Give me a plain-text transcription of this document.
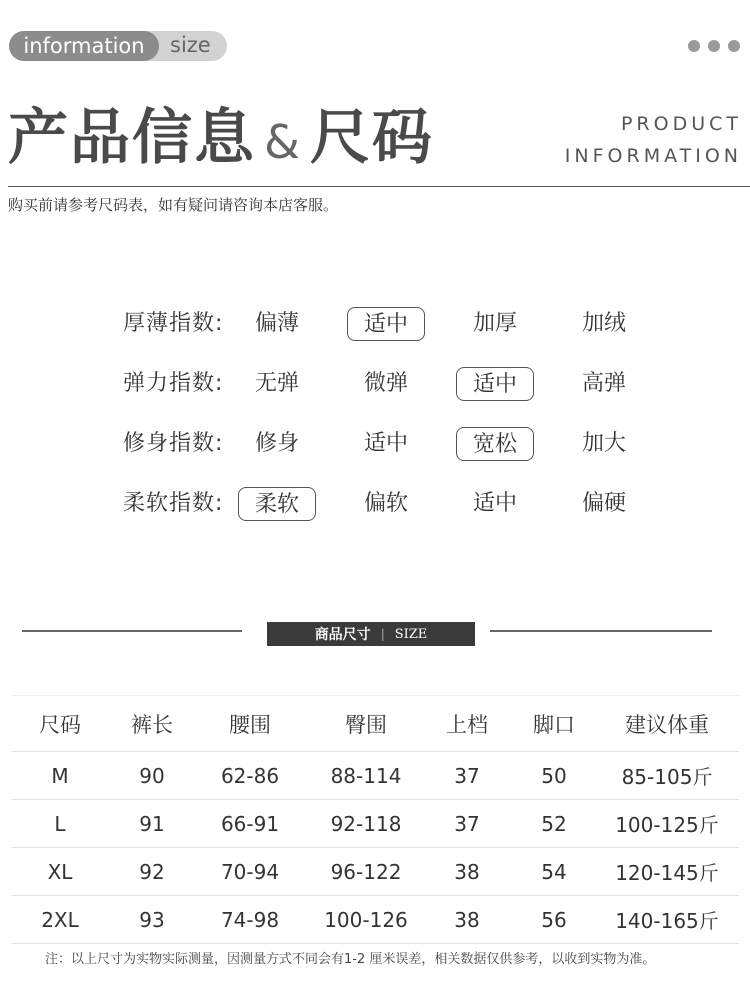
information	size
产品信息 & 尺码	PRODUCT
INFORMATION
购买前请参考尺码表，如有疑问请咨询本店客服。
厚薄指数:	偏薄	适中	加厚	加绒
弹力指数:	无弹	微弹	适中	高弹
修身指数:	修身	适中	宽松	加大
柔软指数:	柔软	偏软	适中	偏硬
商品尺寸 | SIZE
尺码	裤长	腰围	臀围	上档	脚口	建议体重
M	90	62-86	88-114	37	50	85-105斤
L	91	66-91	92-118	37	52	100-125斤
XL	92	70-94	96-122	38	54	120-145斤
2XL	93	74-98	100-126	38	56	140-165斤
注：以上尺寸为实物实际测量，因测量方式不同会有1-2 厘米误差，相关数据仅供参考，以收到实物为准。
